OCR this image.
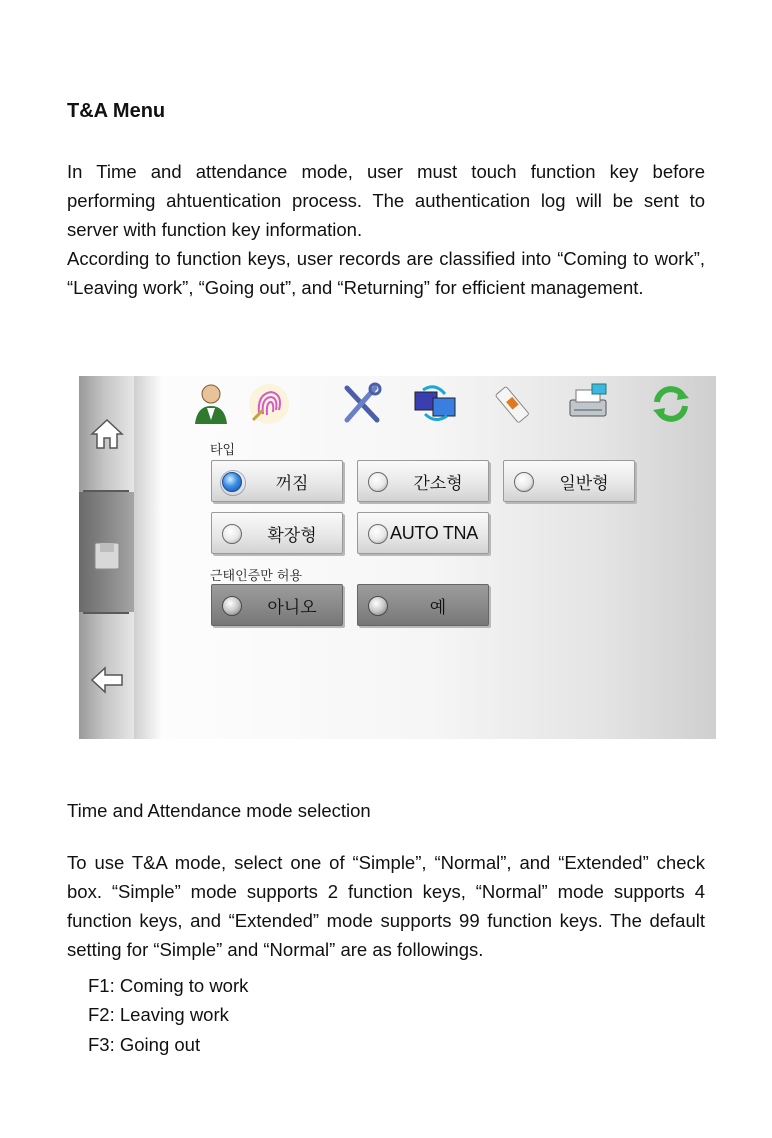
T&A Menu

In Time and attendance mode, user must touch function key before performing ahtuentication process. The authentication log will be sent to server with function key information.

According to function keys, user records are classified into “Coming to work”, “Leaving work”, “Going out”, and “Returning” for efficient management.

타입
꺼짐	간소형	일반형
확장형	AUTO TNA
근태인증만 허용
아니오	예
Time and Attendance mode selection

To use T&A mode, select one of “Simple”, “Normal”, and “Extended” check box. “Simple” mode supports 2 function keys, “Normal” mode supports 4 function keys, and “Extended” mode supports 99 function keys. The default setting for “Simple” and “Normal” are as followings.

F1: Coming to work
F2: Leaving work
F3: Going out
